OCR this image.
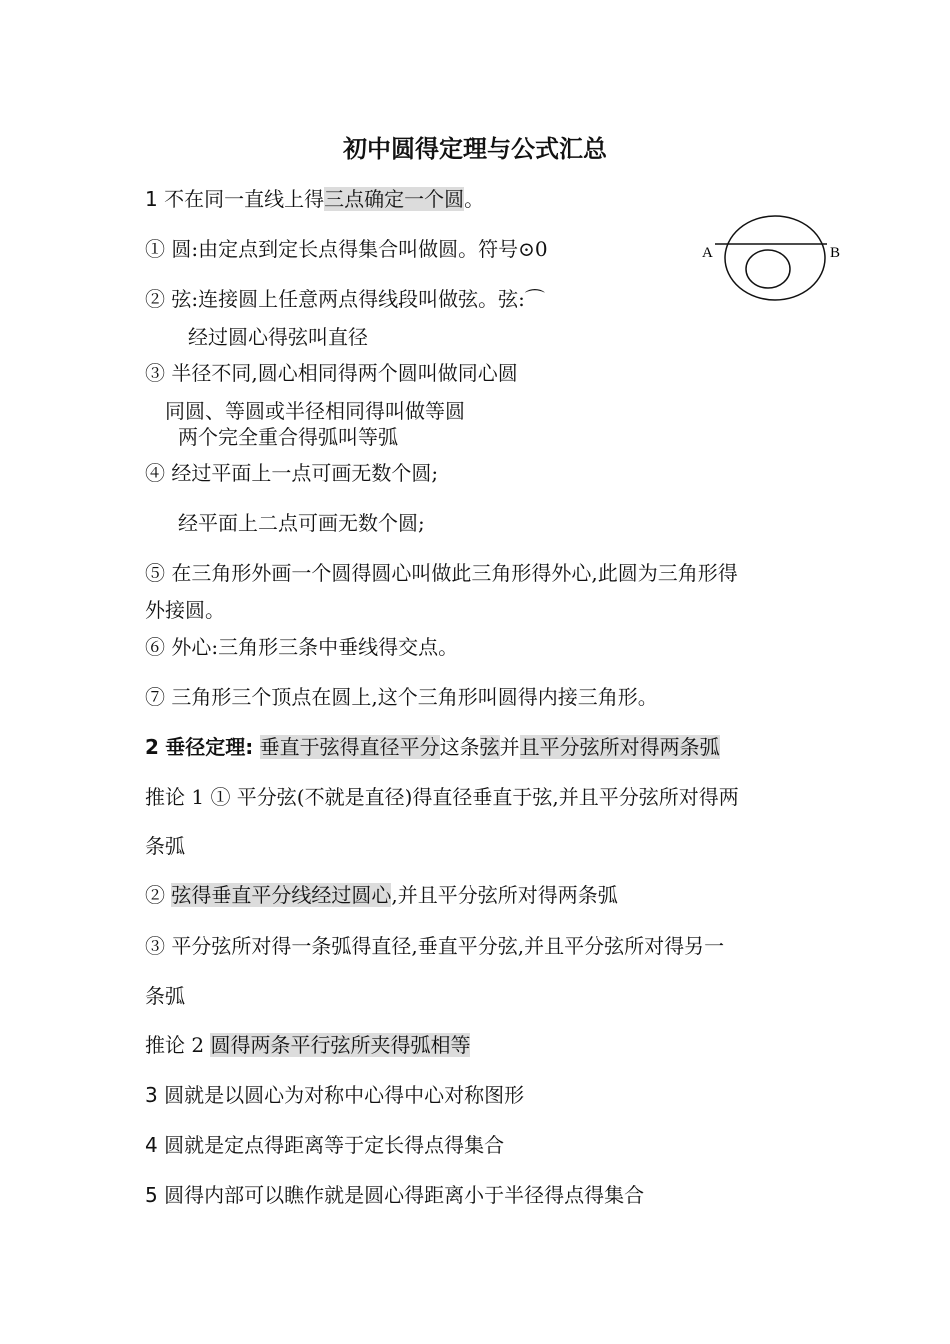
初中圆得定理与公式汇总
1 不在同一直线上得三点确定一个圆。
① 圆:由定点到定长点得集合叫做圆。符号⊙0	A	B
② 弦:连接圆上任意两点得线段叫做弦。弦:⌒
经过圆心得弦叫直径
③ 半径不同,圆心相同得两个圆叫做同心圆
同圆、等圆或半径相同得叫做等圆
两个完全重合得弧叫等弧
④ 经过平面上一点可画无数个圆;
经平面上二点可画无数个圆;
⑤ 在三角形外画一个圆得圆心叫做此三角形得外心,此圆为三角形得
外接圆。
⑥ 外心:三角形三条中垂线得交点。
⑦ 三角形三个顶点在圆上,这个三角形叫圆得内接三角形。
2 垂径定理: 垂直于弦得直径平分这条弦并且平分弦所对得两条弧
推论 1 ① 平分弦(不就是直径)得直径垂直于弦,并且平分弦所对得两
条弧
② 弦得垂直平分线经过圆心,并且平分弦所对得两条弧
③ 平分弦所对得一条弧得直径,垂直平分弦,并且平分弦所对得另一
条弧
推论 2 圆得两条平行弦所夹得弧相等
3 圆就是以圆心为对称中心得中心对称图形
4 圆就是定点得距离等于定长得点得集合
5 圆得内部可以瞧作就是圆心得距离小于半径得点得集合
